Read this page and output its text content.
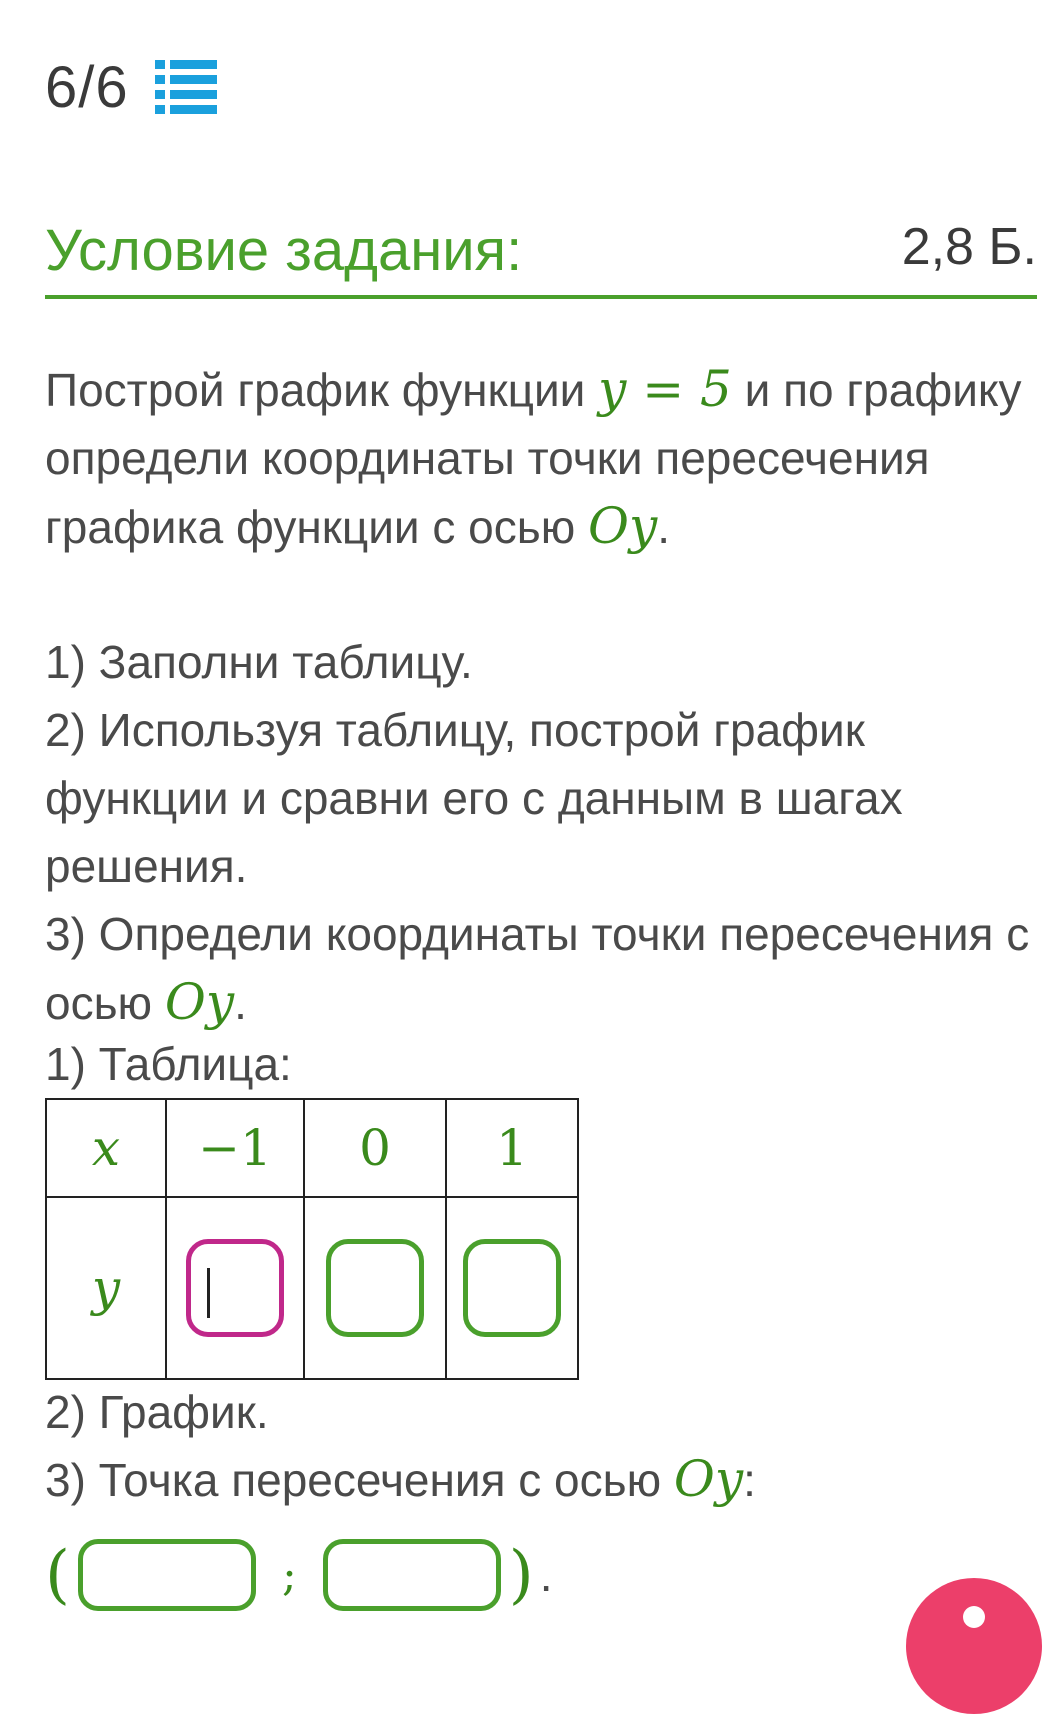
6/6
Условие задания:	2,8 Б.
Построй график функции y = 5 и по графику определи координаты точки пересечения графика функции с осью Oy.
1) Заполни таблицу.
2) Используя таблицу, построй график функции и сравни его с данным в шагах решения.
3) Определи координаты точки пересечения с осью Oy.
1) Таблица:
x	−1	0	1
y	

2) График.
3) Точка пересечения с осью Oy:
(	;	) .
